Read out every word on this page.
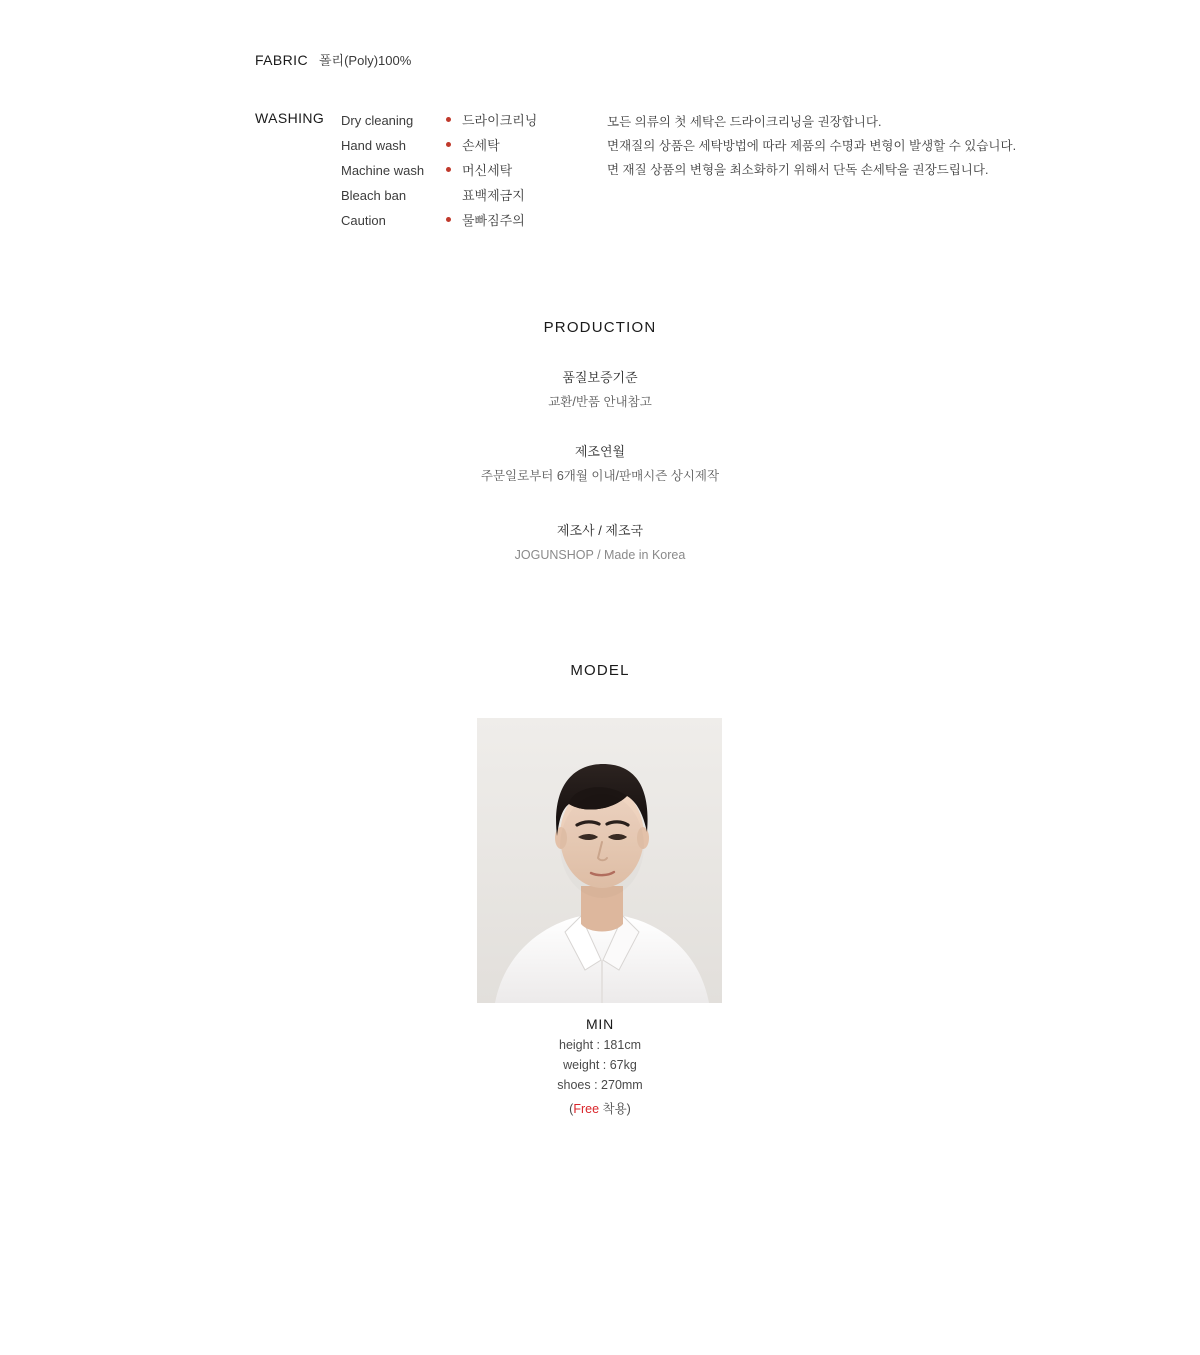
FABRIC 폴리(Poly)100%
WASHING	Dry cleaning	드라이크리닝
Hand wash	손세탁
Machine wash	머신세탁
Bleach ban	표백제금지
Caution	물빠짐주의
모든 의류의 첫 세탁은 드라이크리닝을 권장합니다.
면재질의 상품은 세탁방법에 따라 제품의 수명과 변형이 발생할 수 있습니다.
면 재질 상품의 변형을 최소화하기 위해서 단독 손세탁을 권장드립니다.
PRODUCTION
품질보증기준
교환/반품 안내참고
제조연월
주문일로부터 6개월 이내/판매시즌 상시제작
제조사 / 제조국
JOGUNSHOP / Made in Korea
MODEL
MIN
height : 181cm
weight : 67kg
shoes : 270mm
(Free 착용)
